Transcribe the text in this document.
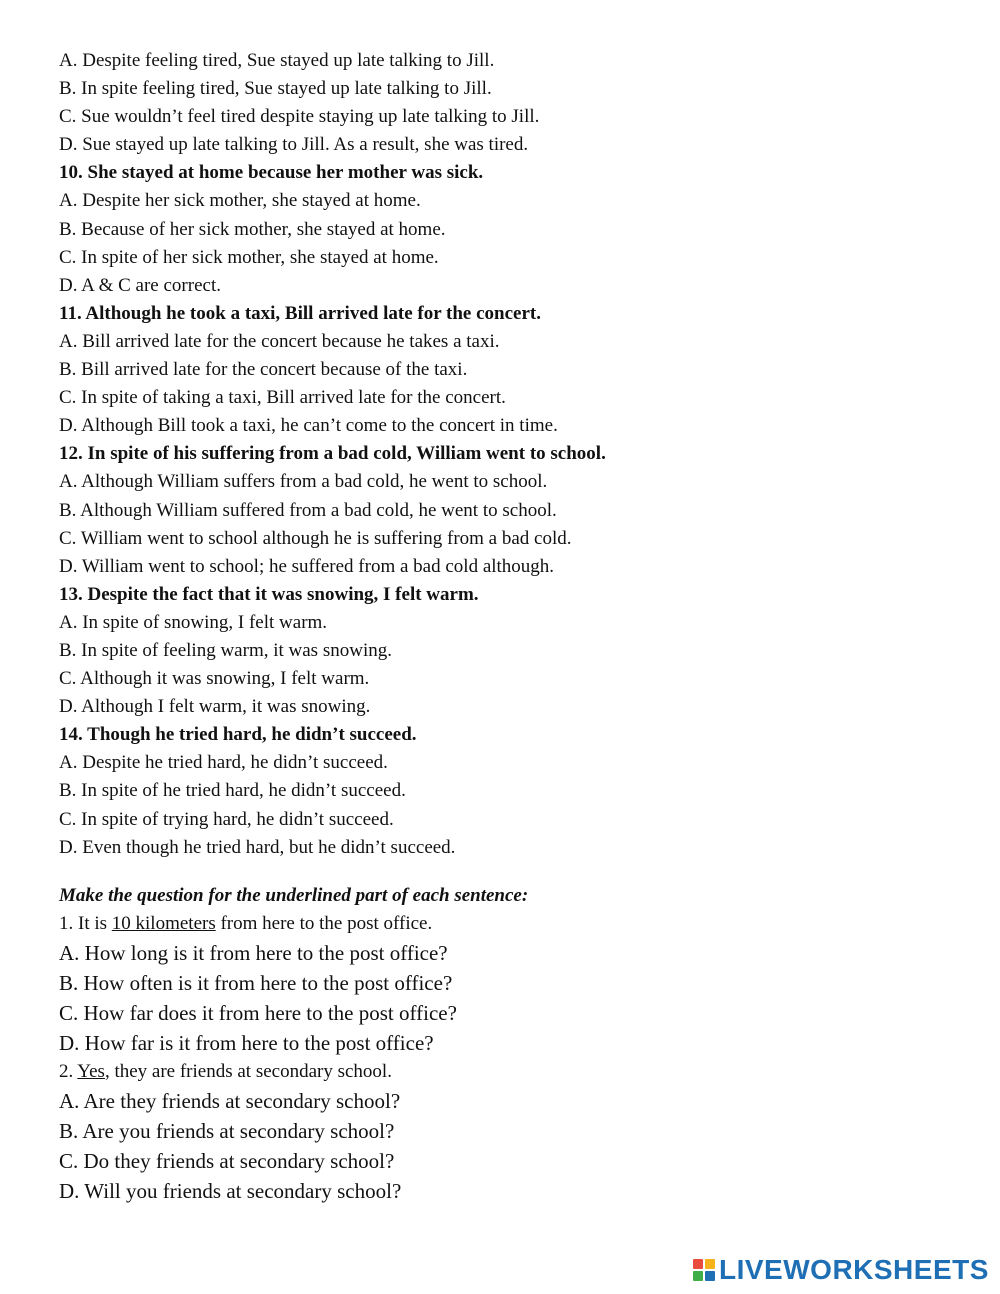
A. Despite feeling tired, Sue stayed up late talking to Jill.
B. In spite feeling tired, Sue stayed up late talking to Jill.
C. Sue wouldn’t feel tired despite staying up late talking to Jill.
D. Sue stayed up late talking to Jill. As a result, she was tired.
10. She stayed at home because her mother was sick.
A. Despite her sick mother, she stayed at home.
B. Because of her sick mother, she stayed at home.
C. In spite of her sick mother, she stayed at home.
D. A & C are correct.
11. Although he took a taxi, Bill arrived late for the concert.
A. Bill arrived late for the concert because he takes a taxi.
B. Bill arrived late for the concert because of the taxi.
C. In spite of taking a taxi, Bill arrived late for the concert.
D. Although Bill took a taxi, he can’t come to the concert in time.
12. In spite of his suffering from a bad cold, William went to school.
A. Although William suffers from a bad cold, he went to school.
B. Although William suffered from a bad cold, he went to school.
C. William went to school although he is suffering from a bad cold.
D. William went to school; he suffered from a bad cold although.
13. Despite the fact that it was snowing, I felt warm.
A. In spite of snowing, I felt warm.
B. In spite of feeling warm, it was snowing.
C. Although it was snowing, I felt warm.
D. Although I felt warm, it was snowing.
14. Though he tried hard, he didn’t succeed.
A. Despite he tried hard, he didn’t succeed.
B. In spite of he tried hard, he didn’t succeed.
C. In spite of trying hard, he didn’t succeed.
D. Even though he tried hard, but he didn’t succeed.
Make the question for the underlined part of each sentence:
1. It is 10 kilometers from here to the post office.
A. How long is it from here to the post office?
B. How often is it from here to the post office?
C. How far does it from here to the post office?
D. How far is it from here to the post office?
2. Yes, they are friends at secondary school.
A. Are they friends at secondary school?
B. Are you friends at secondary school?
C. Do they friends at secondary school?
D. Will you friends at secondary school?
LIVEWORKSHEETS
